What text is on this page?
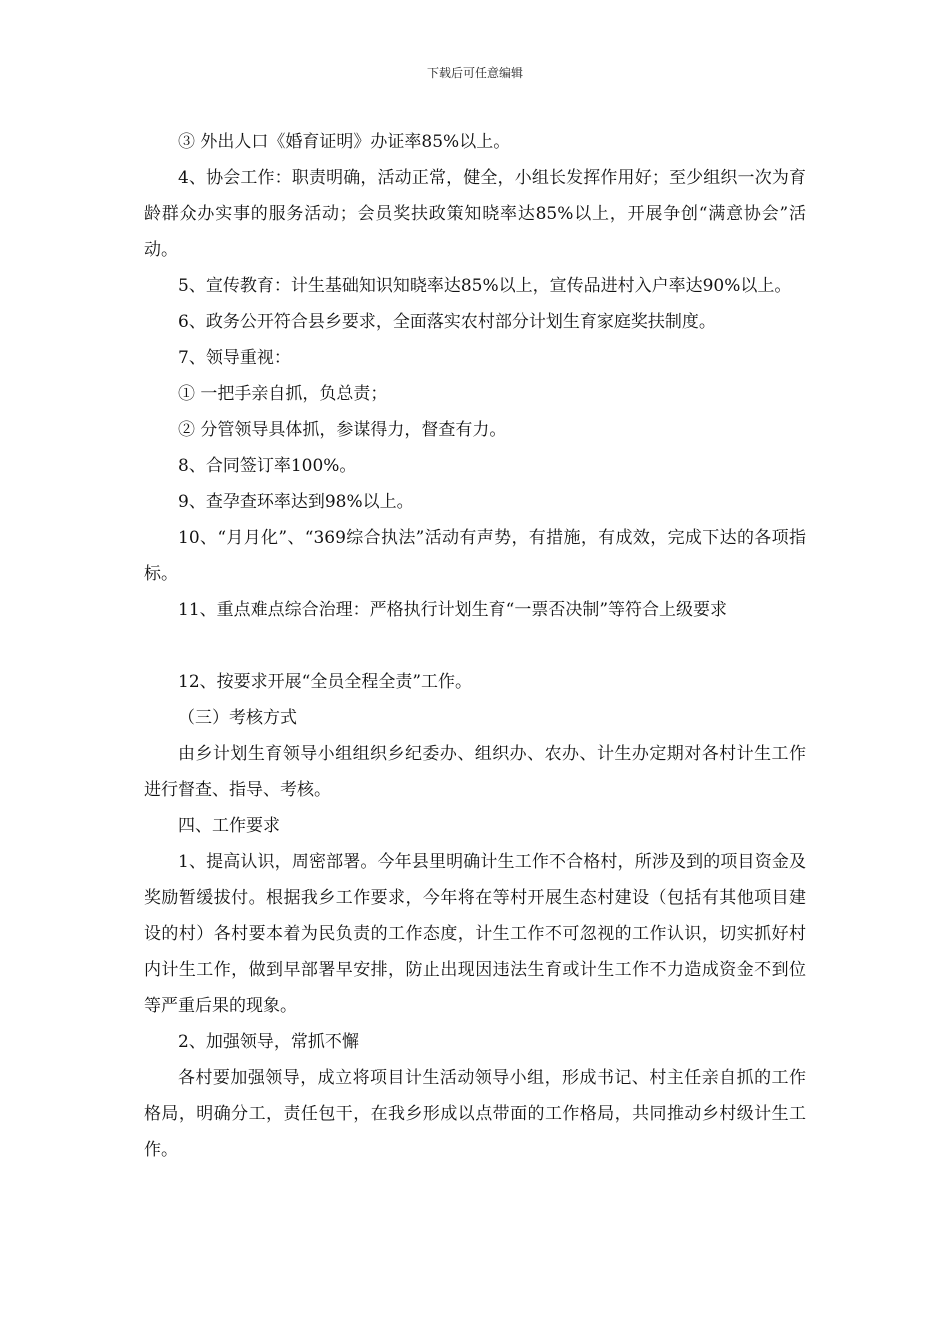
下载后可任意编辑

③ 外出人口《婚育证明》办证率85%以上。

4、协会工作：职责明确，活动正常，健全，小组长发挥作用好；至少组织一次为育龄群众办实事的服务活动；会员奖扶政策知晓率达85%以上，开展争创“满意协会”活动。

5、宣传教育：计生基础知识知晓率达85%以上，宣传品进村入户率达90%以上。

6、政务公开符合县乡要求，全面落实农村部分计划生育家庭奖扶制度。

7、领导重视：

① 一把手亲自抓，负总责；

② 分管领导具体抓，参谋得力，督查有力。

8、合同签订率100%。

9、查孕查环率达到98%以上。

10、“月月化”、“369综合执法”活动有声势，有措施，有成效，完成下达的各项指标。

11、重点难点综合治理：严格执行计划生育“一票否决制”等符合上级要求

12、按要求开展“全员全程全责”工作。

（三）考核方式

由乡计划生育领导小组组织乡纪委办、组织办、农办、计生办定期对各村计生工作进行督查、指导、考核。

四、工作要求

1、提高认识，周密部署。今年县里明确计生工作不合格村，所涉及到的项目资金及奖励暂缓拔付。根据我乡工作要求，今年将在等村开展生态村建设（包括有其他项目建设的村）各村要本着为民负责的工作态度，计生工作不可忽视的工作认识，切实抓好村内计生工作，做到早部署早安排，防止出现因违法生育或计生工作不力造成资金不到位等严重后果的现象。

2、加强领导，常抓不懈

各村要加强领导，成立将项目计生活动领导小组，形成书记、村主任亲自抓的工作格局，明确分工，责任包干，在我乡形成以点带面的工作格局，共同推动乡村级计生工作。
